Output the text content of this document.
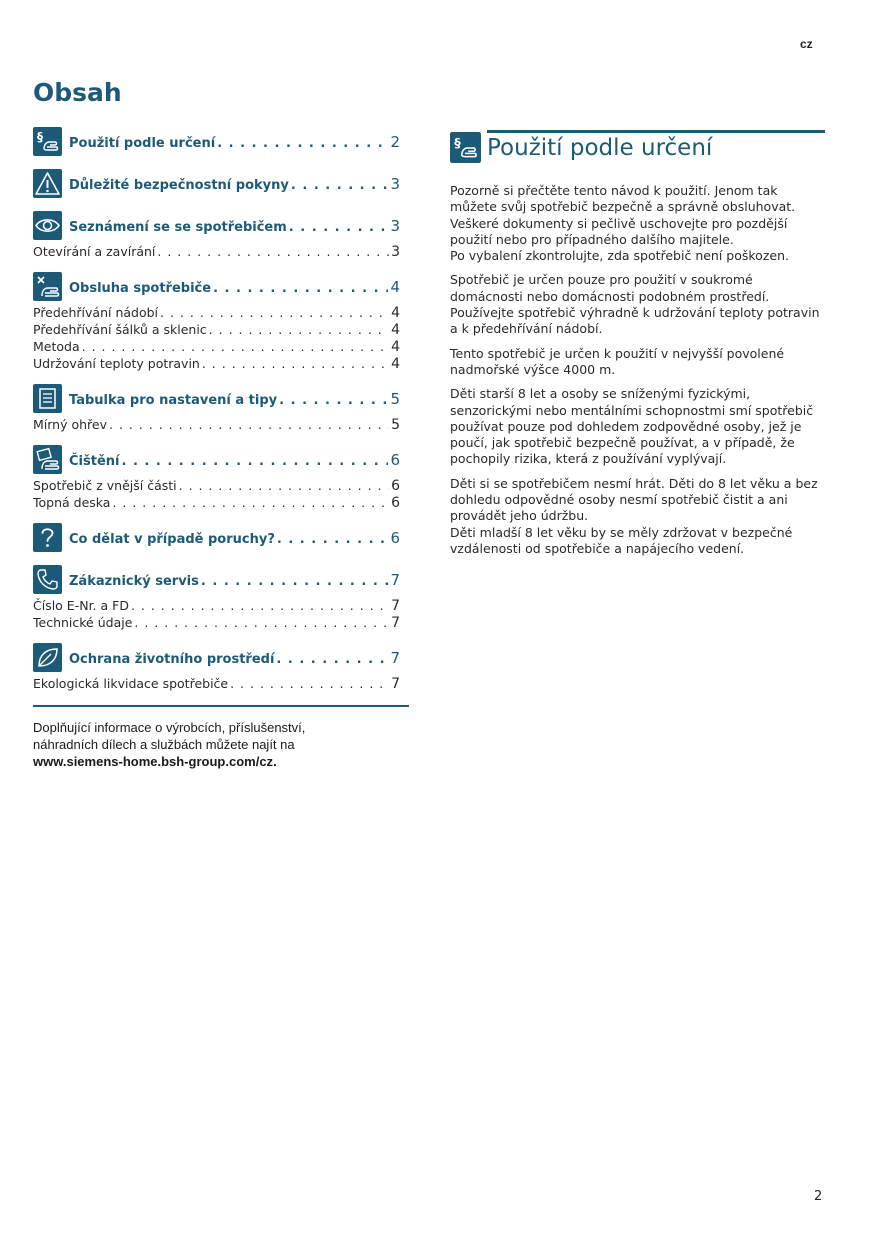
cz
Obsah
§ Použití podle určení . . .	2
Důležité bezpečnostní pokyny . . .	3
Seznámení se se spotřebičem . . .	3
Otevírání a zavírání . . .	3
Obsluha spotřebiče . . .	4
Předehřívání nádobí . . .	4
Předehřívání šálků a sklenic . . .	4
Metoda . . .	4
Udržování teploty potravin . . .	4
Tabulka pro nastavení a tipy . . .	5
Mírný ohřev . . .	5
Čištění . . .	6
Spotřebič z vnější části . . .	6
Topná deska . . .	6
Co dělat v případě poruchy? . . .	6
Zákaznický servis . . .	7
Číslo E-Nr. a FD . . .	7
Technické údaje . . .	7
Ochrana životního prostředí . . .	7
Ekologická likvidace spotřebiče . . .	7
Doplňující informace o výrobcích, příslušenství,
náhradních dílech a službách můžete najít na
www.siemens-home.bsh-group.com/cz.
§ Použití podle určení

Pozorně si přečtěte tento návod k použití. Jenom tak můžete svůj spotřebič bezpečně a správně obsluhovat. Veškeré dokumenty si pečlivě uschovejte pro pozdější použití nebo pro případného dalšího majitele.

Po vybalení zkontrolujte, zda spotřebič není poškozen.

Spotřebič je určen pouze pro použití v soukromé domácnosti nebo domácnosti podobném prostředí. Používejte spotřebič výhradně k udržování teploty potravin a k předehřívání nádobí.

Tento spotřebič je určen k použití v nejvyšší povolené nadmořské výšce 4000 m.

Děti starší 8 let a osoby se sníženými fyzickými, senzorickými nebo mentálními schopnostmi smí spotřebič používat pouze pod dohledem zodpovědné osoby, jež je poučí, jak spotřebič bezpečně používat, a v případě, že pochopily rizika, která z používání vyplývají.

Děti si se spotřebičem nesmí hrát. Děti do 8 let věku a bez dohledu odpovědné osoby nesmí spotřebič čistit a ani provádět jeho údržbu.

Děti mladší 8 let věku by se měly zdržovat v bezpečné vzdálenosti od spotřebiče a napájecího vedení.

2
